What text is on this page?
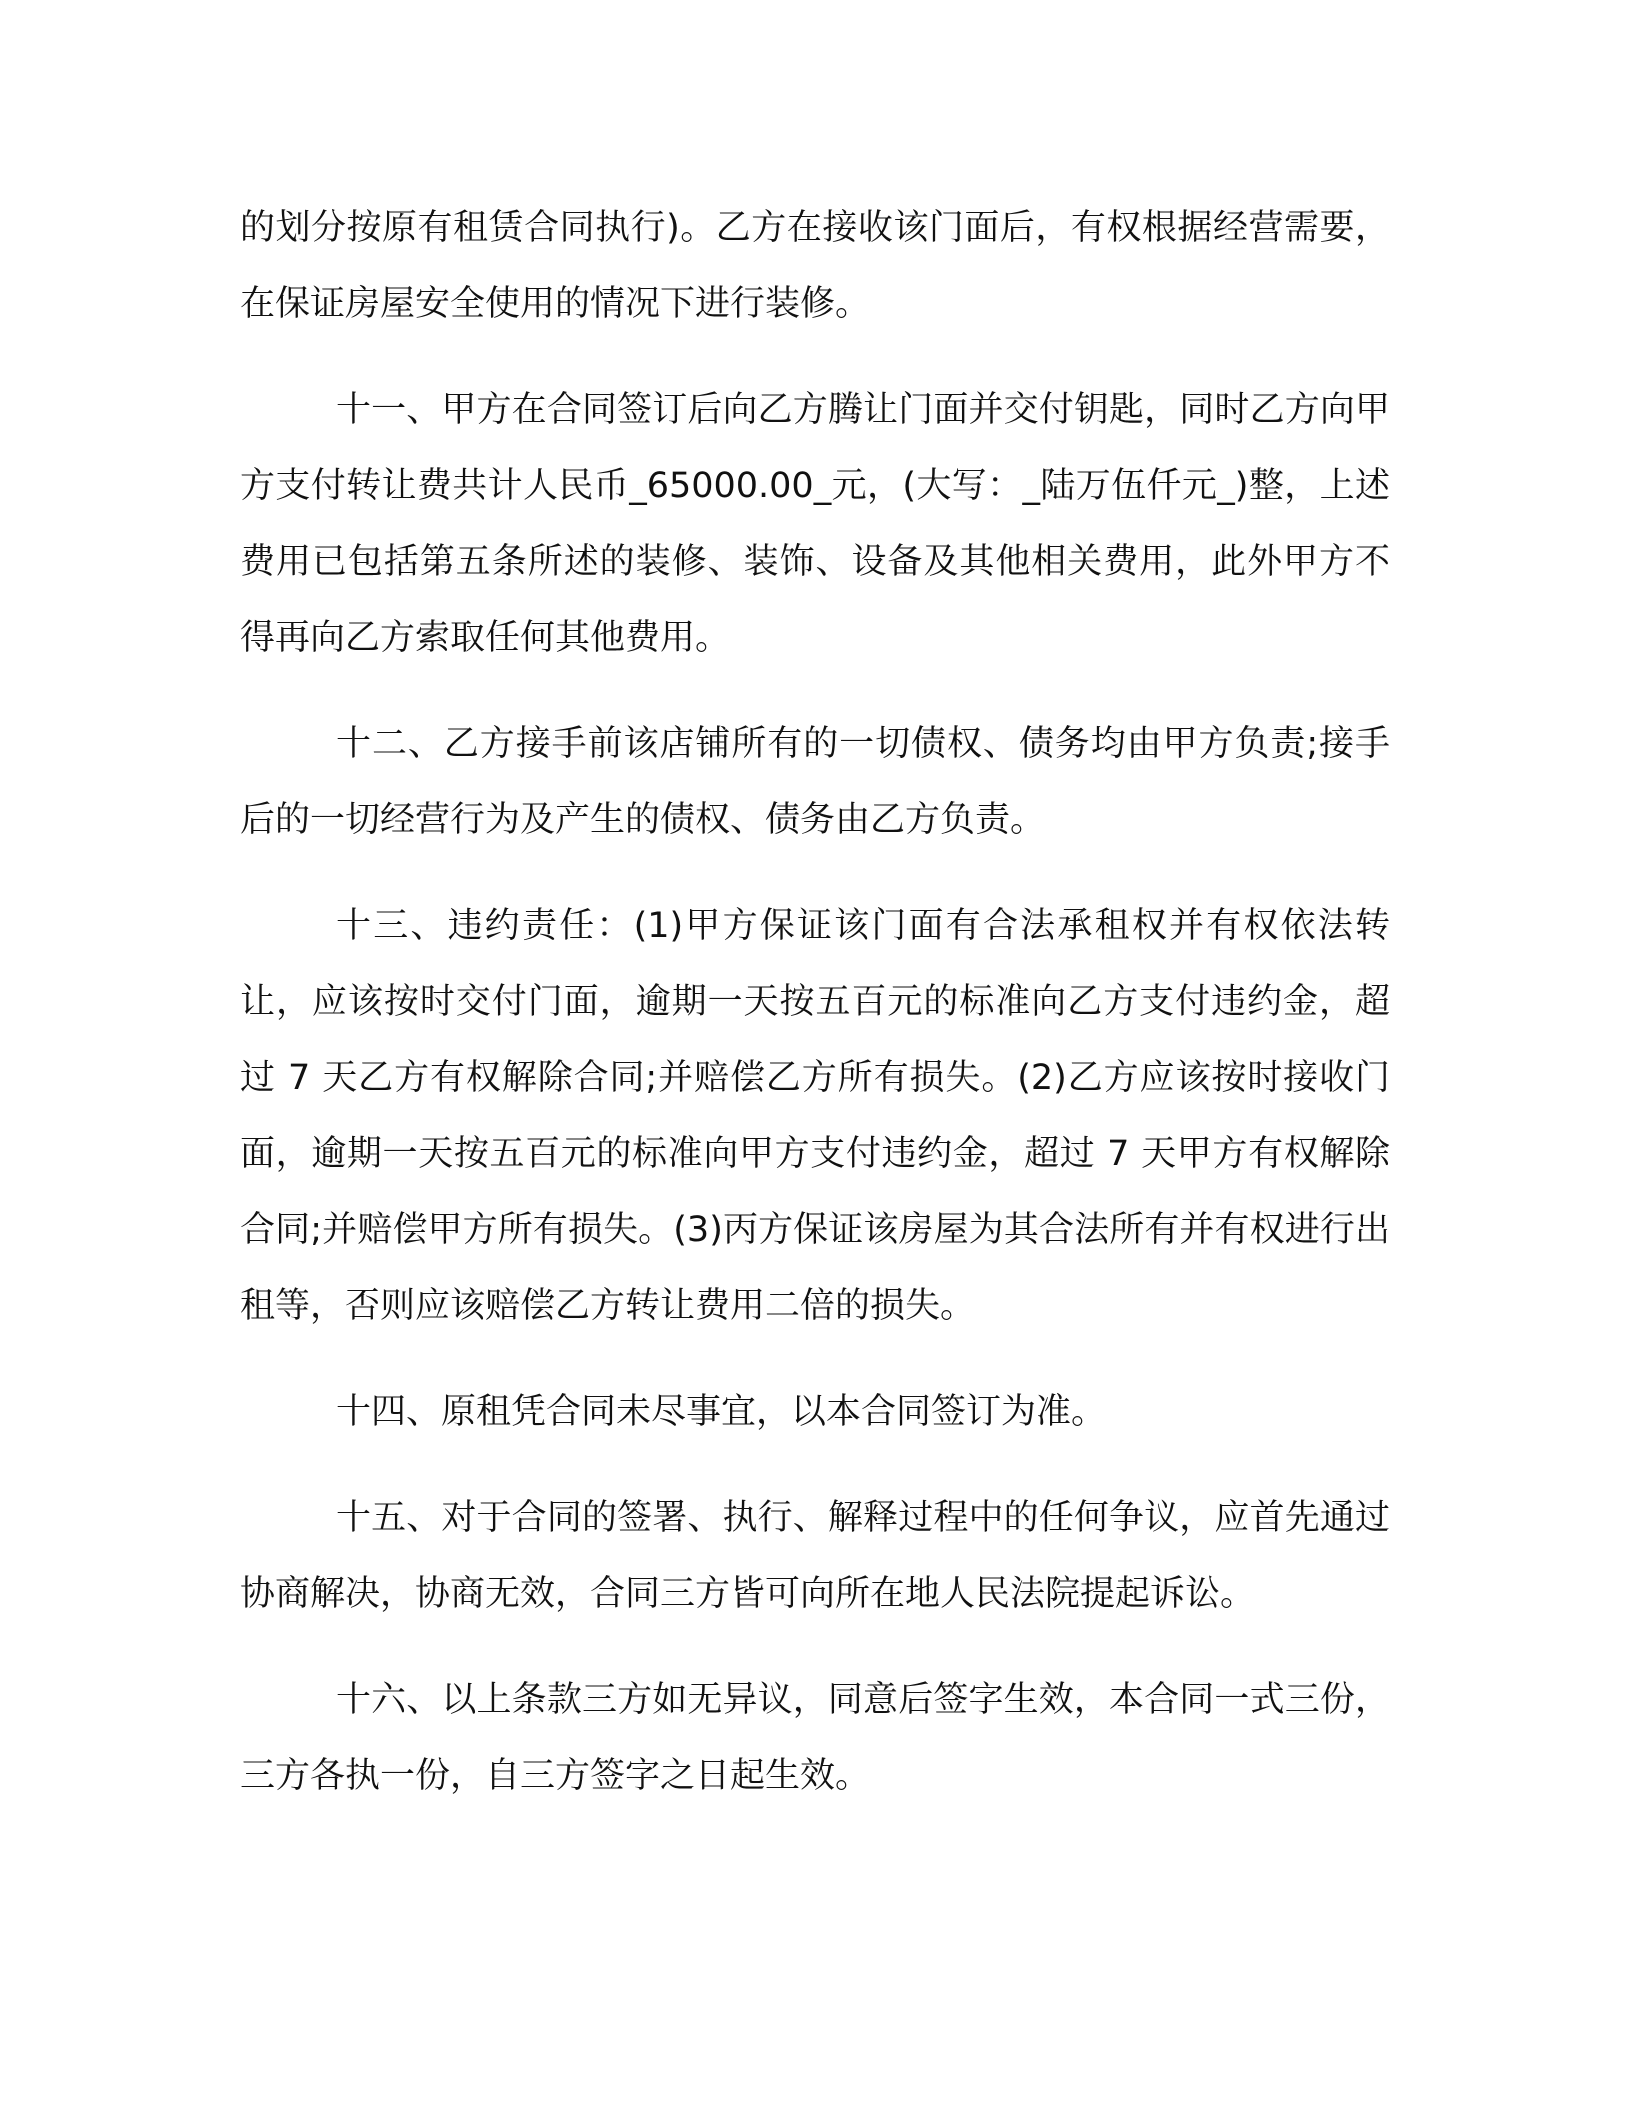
的划分按原有租赁合同执行)。乙方在接收该门面后，有权根据经营需要，在保证房屋安全使用的情况下进行装修。

十一、甲方在合同签订后向乙方腾让门面并交付钥匙，同时乙方向甲方支付转让费共计人民币_65000.00_元，(大写：_陆万伍仟元_)整，上述费用已包括第五条所述的装修、装饰、设备及其他相关费用，此外甲方不得再向乙方索取任何其他费用。

十二、乙方接手前该店铺所有的一切债权、债务均由甲方负责;接手后的一切经营行为及产生的债权、债务由乙方负责。

十三、违约责任：(1)甲方保证该门面有合法承租权并有权依法转让，应该按时交付门面，逾期一天按五百元的标准向乙方支付违约金，超过 7 天乙方有权解除合同;并赔偿乙方所有损失。(2)乙方应该按时接收门面，逾期一天按五百元的标准向甲方支付违约金，超过 7 天甲方有权解除合同;并赔偿甲方所有损失。(3)丙方保证该房屋为其合法所有并有权进行出租等，否则应该赔偿乙方转让费用二倍的损失。

十四、原租凭合同未尽事宜，以本合同签订为准。

十五、对于合同的签署、执行、解释过程中的任何争议，应首先通过协商解决，协商无效，合同三方皆可向所在地人民法院提起诉讼。

十六、以上条款三方如无异议，同意后签字生效，本合同一式三份，三方各执一份，自三方签字之日起生效。
